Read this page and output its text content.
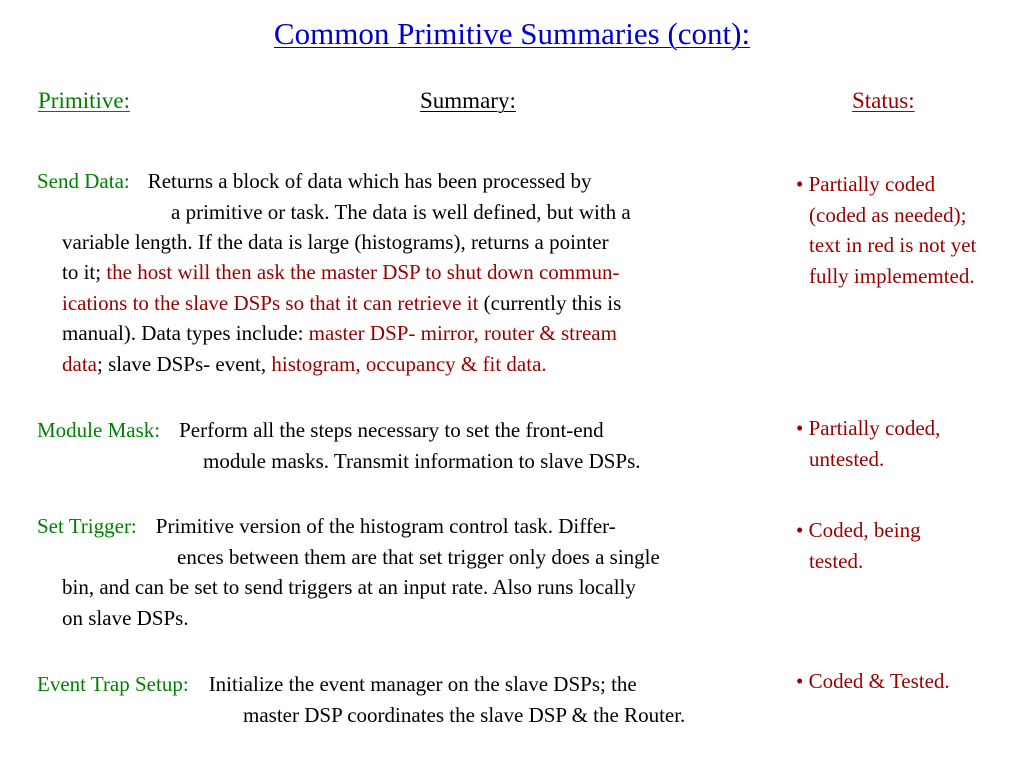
Common Primitive Summaries (cont):
Primitive:	Summary:	Status:
Send Data: Returns a block of data which has been processed by
a primitive or task. The data is well defined, but with a
variable length. If the data is large (histograms), returns a pointer
to it; the host will then ask the master DSP to shut down commun-
ications to the slave DSPs so that it can retrieve it (currently this is
manual). Data types include: master DSP- mirror, router & stream
data; slave DSPs- event, histogram, occupancy & fit data.
• Partially coded
(coded as needed);
text in red is not yet
fully implememted.
Module Mask: Perform all the steps necessary to set the front-end
module masks. Transmit information to slave DSPs.
• Partially coded,
untested.
Set Trigger: Primitive version of the histogram control task. Differ-
ences between them are that set trigger only does a single
bin, and can be set to send triggers at an input rate. Also runs locally
on slave DSPs.
• Coded, being
tested.
Event Trap Setup: Initialize the event manager on the slave DSPs; the
master DSP coordinates the slave DSP & the Router.
• Coded & Tested.
